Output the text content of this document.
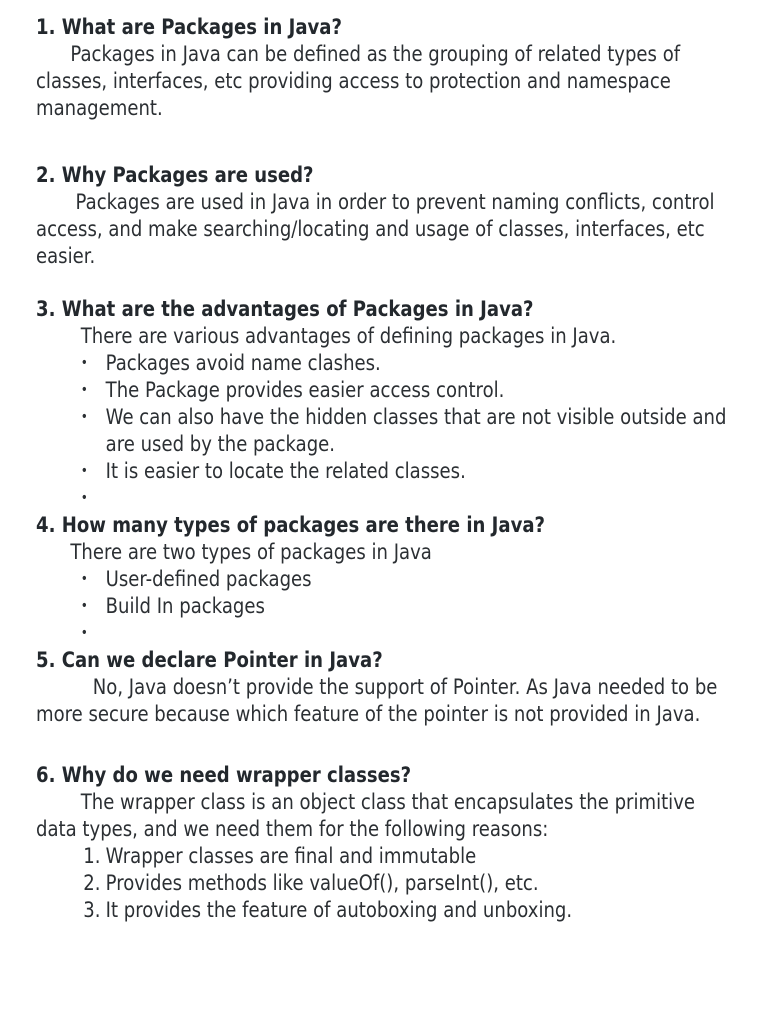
1. What are Packages in Java?

Packages in Java can be defined as the grouping of related types of classes, interfaces, etc providing access to protection and namespace management.

2. Why Packages are used?

Packages are used in Java in order to prevent naming conflicts, control access, and make searching/locating and usage of classes, interfaces, etc easier.

3. What are the advantages of Packages in Java?

There are various advantages of defining packages in Java.

• Packages avoid name clashes.
• The Package provides easier access control.
• We can also have the hidden classes that are not visible outside and are used by the package.
• It is easier to locate the related classes.
•

4. How many types of packages are there in Java?

There are two types of packages in Java

• User-defined packages
• Build In packages
•

5. Can we declare Pointer in Java?

No, Java doesn’t provide the support of Pointer. As Java needed to be more secure because which feature of the pointer is not provided in Java.

6. Why do we need wrapper classes?

The wrapper class is an object class that encapsulates the primitive data types, and we need them for the following reasons:

1. Wrapper classes are final and immutable
2. Provides methods like valueOf(), parseInt(), etc.
3. It provides the feature of autoboxing and unboxing.
